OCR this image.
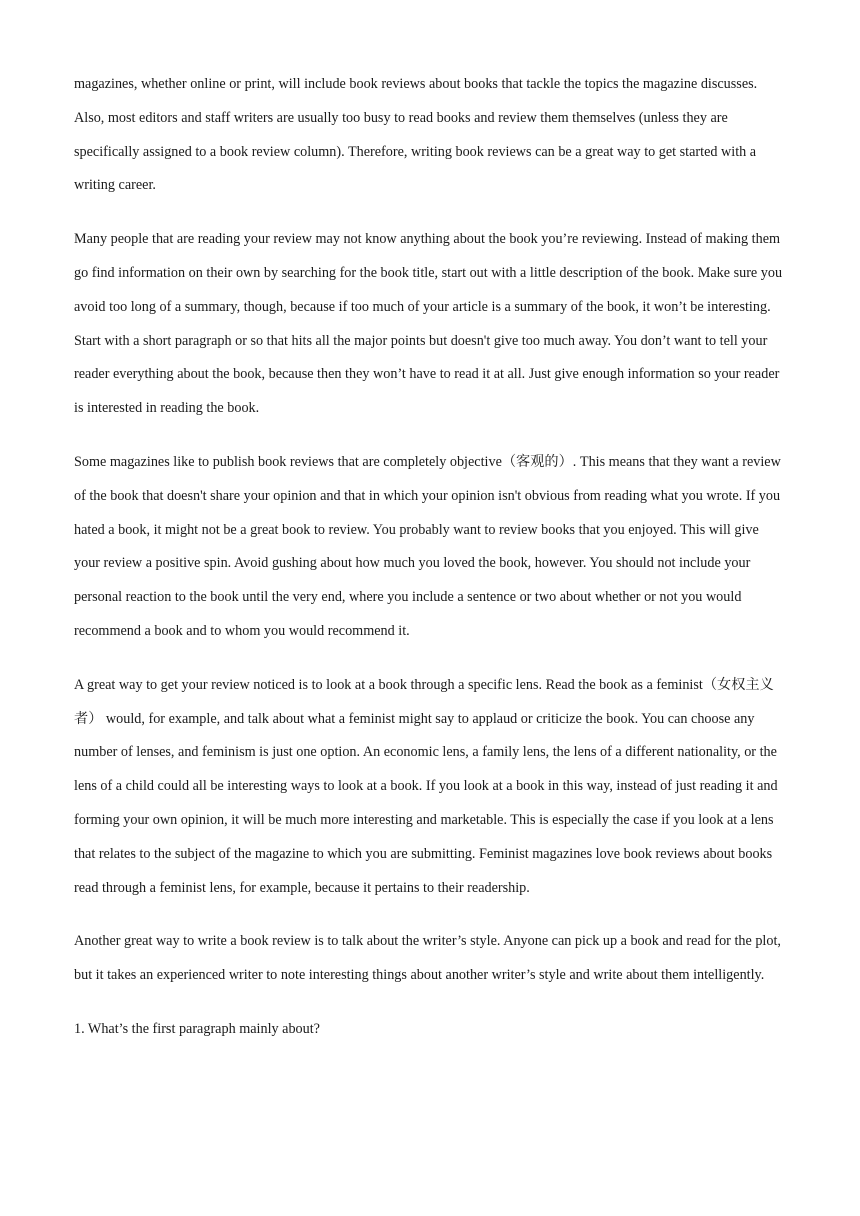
magazines, whether online or print, will include book reviews about books that tackle the topics the magazine discusses. Also, most editors and staff writers are usually too busy to read books and review them themselves (unless they are specifically assigned to a book review column). Therefore, writing book reviews can be a great way to get started with a writing career.

Many people that are reading your review may not know anything about the book you’re reviewing. Instead of making them go find information on their own by searching for the book title, start out with a little description of the book. Make sure you avoid too long of a summary, though, because if too much of your article is a summary of the book, it won’t be interesting. Start with a short paragraph or so that hits all the major points but doesn't give too much away. You don’t want to tell your reader everything about the book, because then they won’t have to read it at all. Just give enough information so your reader is interested in reading the book.

Some magazines like to publish book reviews that are completely objective（客观的）. This means that they want a review of the book that doesn't share your opinion and that in which your opinion isn't obvious from reading what you wrote. If you hated a book, it might not be a great book to review. You probably want to review books that you enjoyed. This will give your review a positive spin. Avoid gushing about how much you loved the book, however. You should not include your personal reaction to the book until the very end, where you include a sentence or two about whether or not you would recommend a book and to whom you would recommend it.

A great way to get your review noticed is to look at a book through a specific lens. Read the book as a feminist（女权主义者） would, for example, and talk about what a feminist might say to applaud or criticize the book. You can choose any number of lenses, and feminism is just one option. An economic lens, a family lens, the lens of a different nationality, or the lens of a child could all be interesting ways to look at a book. If you look at a book in this way, instead of just reading it and forming your own opinion, it will be much more interesting and marketable. This is especially the case if you look at a lens that relates to the subject of the magazine to which you are submitting. Feminist magazines love book reviews about books read through a feminist lens, for example, because it pertains to their readership.

Another great way to write a book review is to talk about the writer’s style. Anyone can pick up a book and read for the plot, but it takes an experienced writer to note interesting things about another writer’s style and write about them intelligently.

1. What’s the first paragraph mainly about?
